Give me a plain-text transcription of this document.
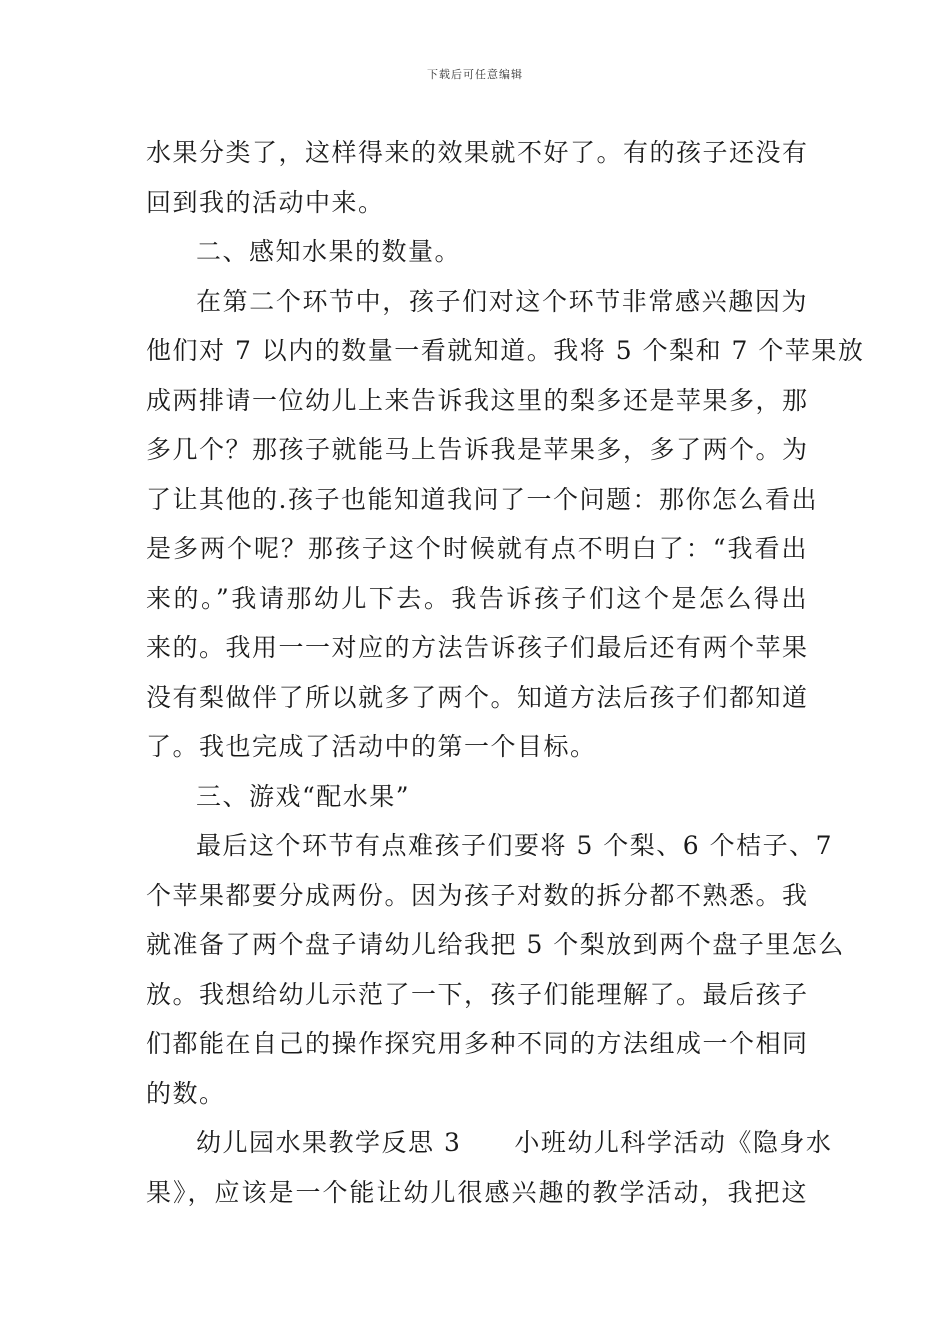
下载后可任意编辑
水果分类了，这样得来的效果就不好了。有的孩子还没有
回到我的活动中来。
二、感知水果的数量。
在第二个环节中，孩子们对这个环节非常感兴趣因为
他们对 7 以内的数量一看就知道。我将 5 个梨和 7 个苹果放
成两排请一位幼儿上来告诉我这里的梨多还是苹果多，那
多几个？那孩子就能马上告诉我是苹果多，多了两个。为
了让其他的.孩子也能知道我问了一个问题：那你怎么看出
是多两个呢？那孩子这个时候就有点不明白了：“我看出
来的。”我请那幼儿下去。我告诉孩子们这个是怎么得出
来的。我用一一对应的方法告诉孩子们最后还有两个苹果
没有梨做伴了所以就多了两个。知道方法后孩子们都知道
了。我也完成了活动中的第一个目标。
三、游戏“配水果”
最后这个环节有点难孩子们要将 5 个梨、6 个桔子、7
个苹果都要分成两份。因为孩子对数的拆分都不熟悉。我
就准备了两个盘子请幼儿给我把 5 个梨放到两个盘子里怎么
放。我想给幼儿示范了一下，孩子们能理解了。最后孩子
们都能在自己的操作探究用多种不同的方法组成一个相同
的数。
幼儿园水果教学反思 3　　小班幼儿科学活动《隐身水
果》，应该是一个能让幼儿很感兴趣的教学活动，我把这
